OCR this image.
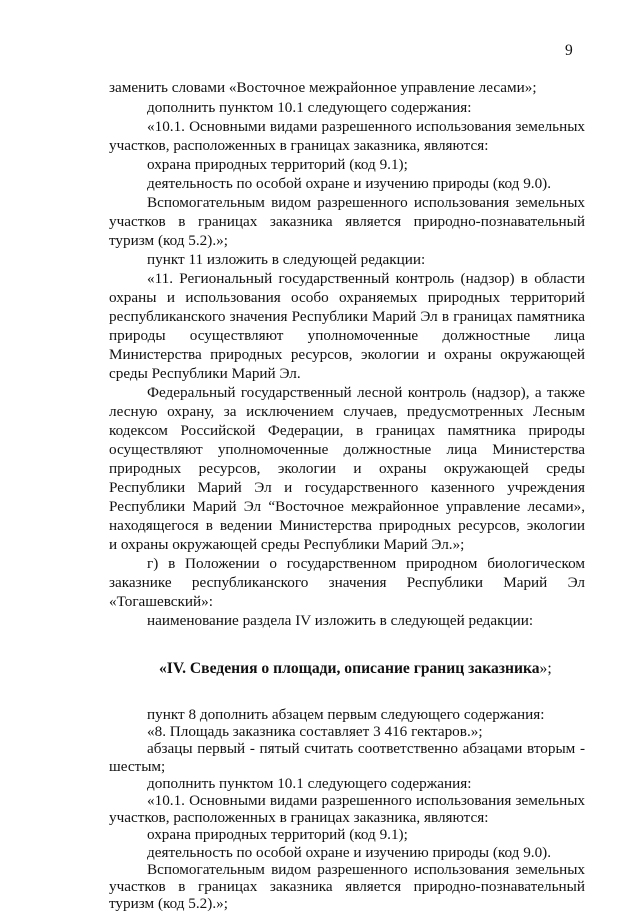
9
заменить словами «Восточное межрайонное управление лесами»;
дополнить пунктом 10.1 следующего содержания:
«10.1. Основными видами разрешенного использования земельных
участков, расположенных в границах заказника, являются:
охрана природных территорий (код 9.1);
деятельность по особой охране и изучению природы (код 9.0).
Вспомогательным видом разрешенного использования земельных
участков в границах заказника является природно-познавательный
туризм (код 5.2).»;
пункт 11 изложить в следующей редакции:
«11. Региональный государственный контроль (надзор) в области
охраны и использования особо охраняемых природных территорий
республиканского значения Республики Марий Эл в границах памятника
природы осуществляют уполномоченные должностные лица
Министерства природных ресурсов, экологии и охраны окружающей
среды Республики Марий Эл.
Федеральный государственный лесной контроль (надзор), а также
лесную охрану, за исключением случаев, предусмотренных Лесным
кодексом Российской Федерации, в границах памятника природы
осуществляют уполномоченные должностные лица Министерства
природных ресурсов, экологии и охраны окружающей среды
Республики Марий Эл и государственного казенного учреждения
Республики Марий Эл “Восточное межрайонное управление лесами»,
находящегося в ведении Министерства природных ресурсов, экологии
и охраны окружающей среды Республики Марий Эл.»;
г) в Положении о государственном природном биологическом
заказнике республиканского значения Республики Марий Эл
«Тогашевский»:
наименование раздела IV изложить в следующей редакции:
«IV. Сведения о площади, описание границ заказника»;
пункт 8 дополнить абзацем первым следующего содержания:
«8. Площадь заказника составляет 3 416 гектаров.»;
абзацы первый - пятый считать соответственно абзацами вторым -
шестым;
дополнить пунктом 10.1 следующего содержания:
«10.1. Основными видами разрешенного использования земельных
участков, расположенных в границах заказника, являются:
охрана природных территорий (код 9.1);
деятельность по особой охране и изучению природы (код 9.0).
Вспомогательным видом разрешенного использования земельных
участков в границах заказника является природно-познавательный
туризм (код 5.2).»;
